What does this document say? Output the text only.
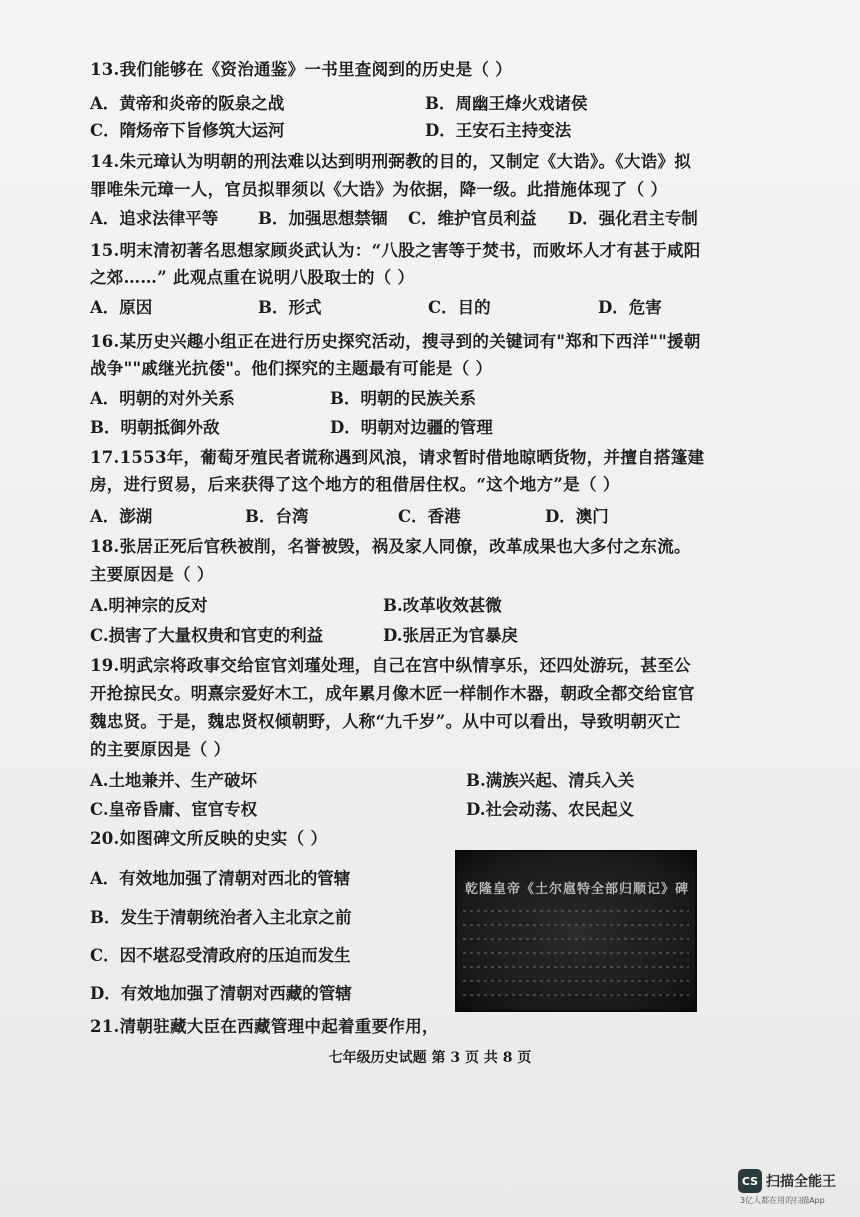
13.我们能够在《资治通鉴》一书里查阅到的历史是（ ）
A．黄帝和炎帝的阪泉之战	B．周幽王烽火戏诸侯
C．隋炀帝下旨修筑大运河	D．王安石主持变法
14.朱元璋认为明朝的刑法难以达到明刑弼教的目的，又制定《大诰》。《大诰》拟
罪唯朱元璋一人，官员拟罪须以《大诰》为依据，降一级。此措施体现了（ ）
A．追求法律平等 B．加强思想禁锢 C．维护官员利益 D．强化君主专制
15.明末清初著名思想家顾炎武认为：“八股之害等于焚书，而败坏人才有甚于咸阳
之郊……” 此观点重在说明八股取士的（ ）
A．原因	B．形式	C．目的	D．危害
16.某历史兴趣小组正在进行历史探究活动，搜寻到的关键词有"郑和下西洋""援朝
战争""戚继光抗倭"。他们探究的主题最有可能是（ ）
A．明朝的对外关系	B．明朝的民族关系
B．明朝抵御外敌	D．明朝对边疆的管理
17.1553年，葡萄牙殖民者谎称遇到风浪，请求暂时借地晾晒货物，并擅自搭篷建
房，进行贸易，后来获得了这个地方的租借居住权。“这个地方”是（ ）
A．澎湖	B．台湾	C．香港	D．澳门
18.张居正死后官秩被削，名誉被毁，祸及家人同僚，改革成果也大多付之东流。
主要原因是（ ）
A.明神宗的反对	B.改革收效甚微
C.损害了大量权贵和官吏的利益	D.张居正为官暴戾
19.明武宗将政事交给宦官刘瑾处理，自己在宫中纵情享乐，还四处游玩，甚至公
开抢掠民女。明熹宗爱好木工，成年累月像木匠一样制作木器，朝政全都交给宦官
魏忠贤。于是，魏忠贤权倾朝野，人称“九千岁”。从中可以看出，导致明朝灭亡
的主要原因是（ ）
A.土地兼并、生产破坏	B.满族兴起、清兵入关
C.皇帝昏庸、宦官专权	D.社会动荡、农民起义
20.如图碑文所反映的史实（ ）
A．有效地加强了清朝对西北的管辖
B．发生于清朝统治者入主北京之前
C．因不堪忍受清政府的压迫而发生
D．有效地加强了清朝对西藏的管辖
乾隆皇帝《土尔扈特全部归顺记》碑
21.清朝驻藏大臣在西藏管理中起着重要作用，
七年级历史试题 第 3 页 共 8 页
CS 扫描全能王
3亿人都在用的扫描App
